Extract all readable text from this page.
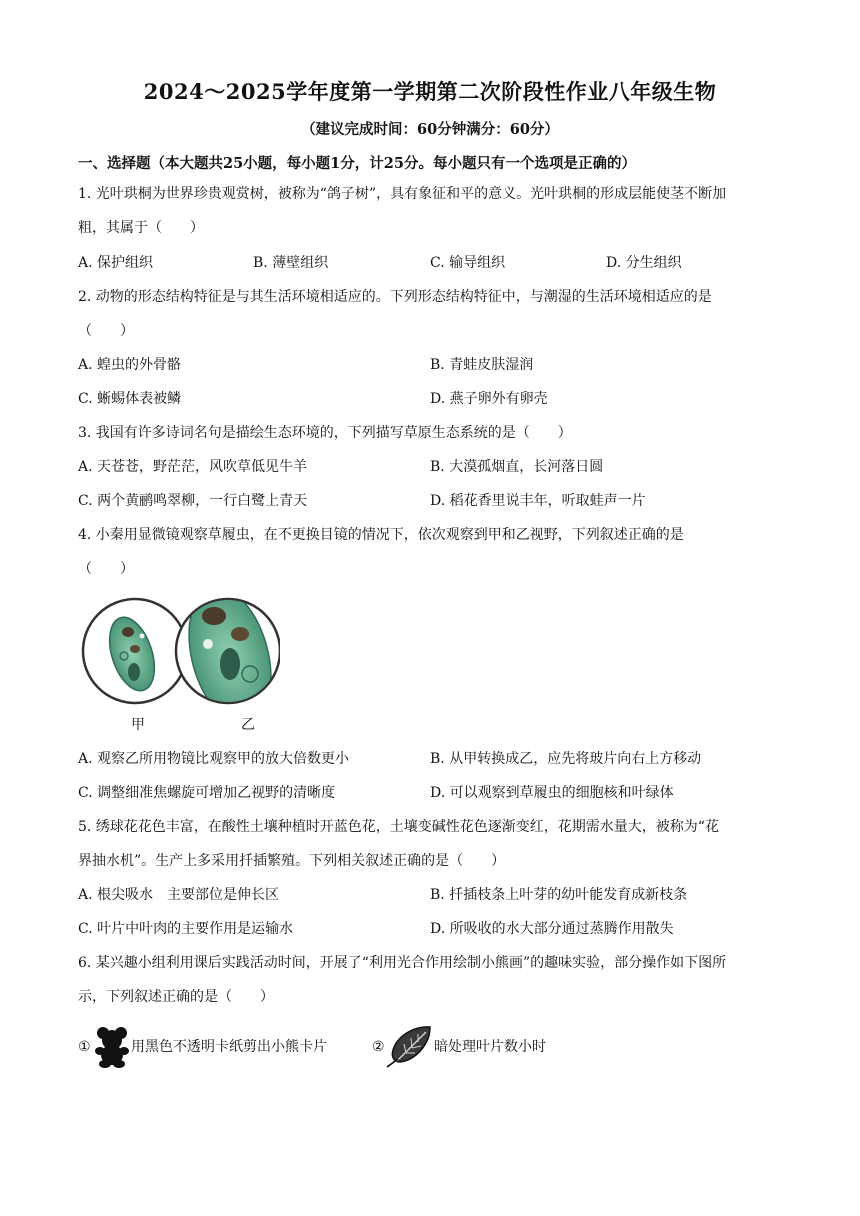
2024～2025学年度第一学期第二次阶段性作业八年级生物
（建议完成时间：60分钟满分：60分）
一、选择题（本大题共25小题，每小题1分，计25分。每小题只有一个选项是正确的）
1. 光叶珙桐为世界珍贵观赏树，被称为“鸽子树”，具有象征和平的意义。光叶珙桐的形成层能使茎不断加
粗，其属于（　　）
A. 保护组织	B. 薄壁组织	C. 输导组织	D. 分生组织
2. 动物的形态结构特征是与其生活环境相适应的。下列形态结构特征中，与潮湿的生活环境相适应的是
（　　）
A. 蝗虫的外骨骼	B. 青蛙皮肤湿润
C. 蜥蜴体表被鳞	D. 燕子卵外有卵壳
3. 我国有许多诗词名句是描绘生态环境的，下列描写草原生态系统的是（　　）
A. 天苍苍，野茫茫，风吹草低见牛羊	B. 大漠孤烟直，长河落日圆
C. 两个黄鹂鸣翠柳，一行白鹭上青天	D. 稻花香里说丰年，听取蛙声一片
4. 小秦用显微镜观察草履虫，在不更换目镜的情况下，依次观察到甲和乙视野，下列叙述正确的是
（　　）
甲	乙
A. 观察乙所用物镜比观察甲的放大倍数更小	B. 从甲转换成乙，应先将玻片向右上方移动
C. 调整细准焦螺旋可增加乙视野的清晰度	D. 可以观察到草履虫的细胞核和叶绿体
5. 绣球花花色丰富，在酸性土壤种植时开蓝色花，土壤变碱性花色逐渐变红，花期需水量大，被称为“花
界抽水机”。生产上多采用扦插繁殖。下列相关叙述正确的是（　　）
A. 根尖吸水　主要部位是伸长区	B. 扦插枝条上叶芽的幼叶能发育成新枝条
C. 叶片中叶肉的主要作用是运输水	D. 所吸收的水大部分通过蒸腾作用散失
6. 某兴趣小组利用课后实践活动时间，开展了“利用光合作用绘制小熊画”的趣味实验，部分操作如下图所
示，下列叙述正确的是（　　）
①	用黑色不透明卡纸剪出小熊卡片	②	暗处理叶片数小时
